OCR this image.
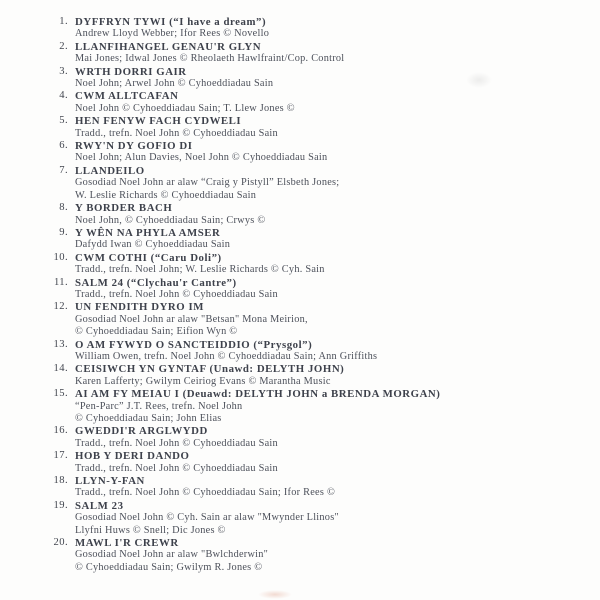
1. DYFFRYN TYWI (“I have a dream”)
Andrew Lloyd Webber; Ifor Rees © Novello
2. LLANFIHANGEL GENAU'R GLYN
Mai Jones; Idwal Jones © Rheolaeth Hawlfraint/Cop. Control
3. WRTH DORRI GAIR
Noel John; Arwel John © Cyhoeddiadau Sain
4. CWM ALLTCAFAN
Noel John © Cyhoeddiadau Sain; T. Llew Jones ©
5. HEN FENYW FACH CYDWELI
Tradd., trefn. Noel John © Cyhoeddiadau Sain
6. RWY'N DY GOFIO DI
Noel John; Alun Davies, Noel John © Cyhoeddiadau Sain
7. LLANDEILO
Gosodiad Noel John ar alaw “Craig y Pistyll” Elsbeth Jones;
W. Leslie Richards © Cyhoeddiadau Sain
8. Y BORDER BACH
Noel John, © Cyhoeddiadau Sain; Crwys ©
9. Y WÊN NA PHYLA AMSER
Dafydd Iwan © Cyhoeddiadau Sain
10. CWM COTHI (“Caru Doli”)
Tradd., trefn. Noel John; W. Leslie Richards © Cyh. Sain
11. SALM 24 (“Clychau'r Cantre”)
Tradd., trefn. Noel John © Cyhoeddiadau Sain
12. UN FENDITH DYRO IM
Gosodiad Noel John ar alaw "Betsan" Mona Meirion,
© Cyhoeddiadau Sain; Eifion Wyn ©
13. O AM FYWYD O SANCTEIDDIO (“Prysgol”)
William Owen, trefn. Noel John © Cyhoeddiadau Sain; Ann Griffiths
14. CEISIWCH YN GYNTAF (Unawd: DELYTH JOHN)
Karen Lafferty; Gwilym Ceiriog Evans © Marantha Music
15. AI AM FY MEIAU I (Deuawd: DELYTH JOHN a BRENDA MORGAN)
“Pen-Parc” J.T. Rees, trefn. Noel John
© Cyhoeddiadau Sain; John Elias
16. GWEDDI'R ARGLWYDD
Tradd., trefn. Noel John © Cyhoeddiadau Sain
17. HOB Y DERI DANDO
Tradd., trefn. Noel John © Cyhoeddiadau Sain
18. LLYN-Y-FAN
Tradd., trefn. Noel John © Cyhoeddiadau Sain; Ifor Rees ©
19. SALM 23
Gosodiad Noel John © Cyh. Sain ar alaw "Mwynder Llinos"
Llyfni Huws © Snell; Dic Jones ©
20. MAWL I'R CREWR
Gosodiad Noel John ar alaw "Bwlchderwin"
© Cyhoeddiadau Sain; Gwilym R. Jones ©
